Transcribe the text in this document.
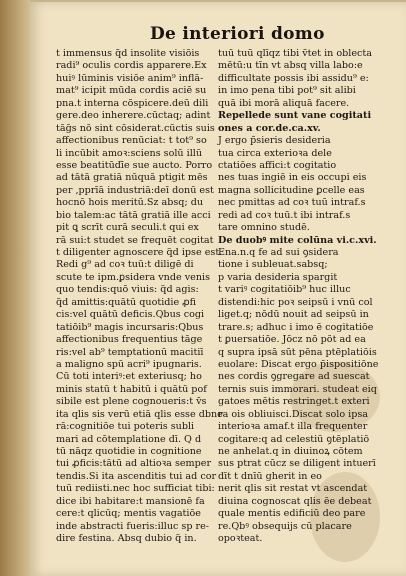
De interiori domo
t immensus q̃d insolite visiōis
radi⁹ oculis cordis apparere.Ex
huiꝰ lūminis visiōe anim⁹ inflā-
mat⁹ icipit mūda cordis aciē su
pna.t interna cōspicere.deū dili
gere.deo inherere.cūctaq; adint
tāḡs nō sint cōsiderat.cūctis suis
affectionibus renūciat: t tot⁹ so
li incūbit amoꝛ:sciens solū illū
esse beatitūdī̄e sue aucto. Porro
ad tātā gratiā nūquā ptigit mēs
per ,pprīā industriā:deī donū est
hocnō hois meritū.Sz absq; du
bio talem:ac tātā gratiā ille acci
pit ꝗ scrīt curā seculi.t qui ex
rā sui:t studet se frequēt cogitat
t diligenter agnoscere q̃d ipse est.
Redi g⁹ ad coꝛ tuū:t diligē di
scute te ipm.ꝑsidera vnde venis
quo tendis:quō viuis: q̃d agis:
q̃d amittis:quātū quotidie ꝓfi
cis:vel quātū deficis.Qbus cogi
tatiōib⁹ magis incursaris:Qbus
affectionibus frequentius tāge
ris:vel ab⁹ temptationū macitiī
a maligno spū acri⁹ ipugnaris.
Cū toti interiꝰ:et exteriusq; ho
minis statū t habitū i quātū pof
sibile est plene cognoueris:t v̄s
ita qlis sis verū etiā qlis esse dbne
rā:cognitiōe tui poteris subli
mari ad cōtemplatione dī. Q d
tū nāqz quotidie in cognitione
tui ꝓficis:tātū ad altioꝛa semper
tendis.Si ita ascenditis tui ad cor
tuū rediisti.nec hoc sufficiat tibi:
dice ibi habitare:t mansionē fa
cere:t qlicūq; mentis vagatiōe
inde abstracti fueris:illuc sp re-
dire festina. Absq dubio q̃ in.
tuū tuū qlīqz tibi v̄tet in oblecta
mētū:u tīn vt absq villa labo:e
difficultate possis ibi assidu⁹ e:
in imo pena tibi pot⁹ sit alibi
quā ibi morā aliquā facere.
Repellede sunt vane cogitati
ones a cor.de.ca.xv.
J ergo p̄sieris desideria
tua circa exterioꝛa dele
ctatiōes affici:t cogitatio
nes tuas ingiē in eis occupi eis
magna sollicitudine ꝑcelle eas
nec pmittas ad coꝛ tuū intraf.s
redi ad coꝛ tuū.t ibi intraf.s
tare omnino studē.
De duobꝰ mite colūna vi.c.xvi.
Ena.n.q fe ad sui ꝯsidera
tione i̇ subleuat.sabsq;
p varia desideria spargit
t variꝰ cogitatiōib⁹ huc illuc
distendi:hic poꝛ seipsū i vnū col
liget.q; nōdū nouit ad seipsū in
trare.s; adhuc i imo ē cogitatiōe
t ꝑuersatiōe. Jōcz nō pōt ad ea
q supra ipsā sūt pēna ptēplatiōis
euolare: Discat ergo p̄ispositiōne
nes cordis ꝯgregare ad suescat
ternis suis immorari. studeat eiq
gatoes mētis restringet.t exteri
ra ois obliuisci.Discat solo ipsa
interioꝛa amaf.t illa frequenter
cogitare:q ad celestiū ꝯtēplatiō
ne anhelat.q in diuinoꝝ cōtem
sus ptrat cūcz se diligent intuerī
dīt t dnīū gherit in eo
nerit qlis sit restat vt ascendat
diuina cognoscat qlis ēe debeat
quale mentis edificiū deo pare
re.Qbꝰ obsequijs cū placare
opoꝛteat.
